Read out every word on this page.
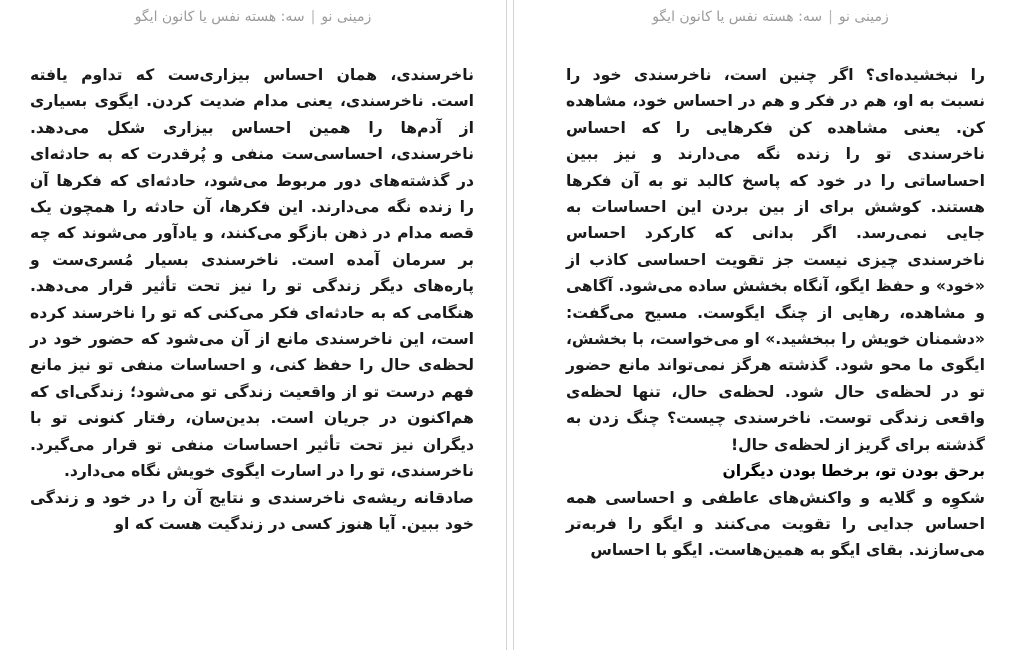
زمینی نو|سه: هسته نفس یا کانون ایگو

ناخرسندی، همان احساس بیزاری‌ست که تداوم یافته است. ناخرسندی، یعنی مدام ضدیت کردن. ایگوی بسیاری از آدم‌ها را همین احساس بیزاری شکل می‌دهد. ناخرسندی، احساسی‌ست منفی و پُرقدرت که به حادثه‌ای در گذشته‌های دور مربوط می‌شود، حادثه‌ای که فکرها آن را زنده نگه می‌دارند. این فکرها، آن حادثه را همچون یک قصه مدام در ذهن بازگو می‌کنند، و یادآور می‌شوند که چه بر سرمان آمده است. ناخرسندی بسیار مُسری‌ست و پاره‌های دیگر زندگی تو را نیز تحت تأثیر قرار می‌دهد. هنگامی که به حادثه‌ای فکر می‌کنی که تو را ناخرسند کرده است، این ناخرسندی مانع از آن می‌شود که حضور خود در لحظه‌ی حال را حفظ کنی، و احساسات منفی تو نیز مانع فهم درست تو از واقعیت زندگی تو می‌شود؛ زندگی‌ای که هم‌اکنون در جریان است. بدین‌سان، رفتار کنونی تو با دیگران نیز تحت تأثیر احساسات منفی تو قرار می‌گیرد. ناخرسندی، تو را در اسارت ایگوی خویش نگاه می‌دارد.

صادقانه ریشه‌ی ناخرسندی و نتایج آن را در خود و زندگی خود ببین. آیا هنوز کسی در زندگیت هست که او

زمینی نو|سه: هسته نفس یا کانون ایگو

را نبخشیده‌ای؟ اگر چنین است، ناخرسندی خود را نسبت به او، هم در فکر و هم در احساس خود، مشاهده کن. یعنی مشاهده کن فکرهایی را که احساس ناخرسندی تو را زنده نگه می‌دارند و نیز ببین احساساتی را در خود که پاسخ کالبد تو به آن فکرها هستند. کوشش برای از بین بردن این احساسات به جایی نمی‌رسد. اگر بدانی که کارکرد احساس ناخرسندی چیزی نیست جز تقویت احساسی کاذب از «خود» و حفظ ایگو، آنگاه بخشش ساده می‌شود. آگاهی و مشاهده، رهایی از چنگ ایگوست. مسیح می‌گفت: «دشمنان خویش را ببخشید.» او می‌خواست، با بخشش، ایگوی ما محو شود. گذشته هرگز نمی‌تواند مانع حضور تو در لحظه‌ی حال شود. لحظه‌ی حال، تنها لحظه‌ی واقعی زندگی توست. ناخرسندی چیست؟ چنگ زدن به گذشته برای گریز از لحظه‌ی حال!

برحق بودن تو، برخطا بودن دیگران

شکوِه و گلایه و واکنش‌های عاطفی و احساسی همه احساس جدایی را تقویت می‌کنند و ایگو را فربه‌تر می‌سازند. بقای ایگو به همین‌هاست. ایگو با احساس
